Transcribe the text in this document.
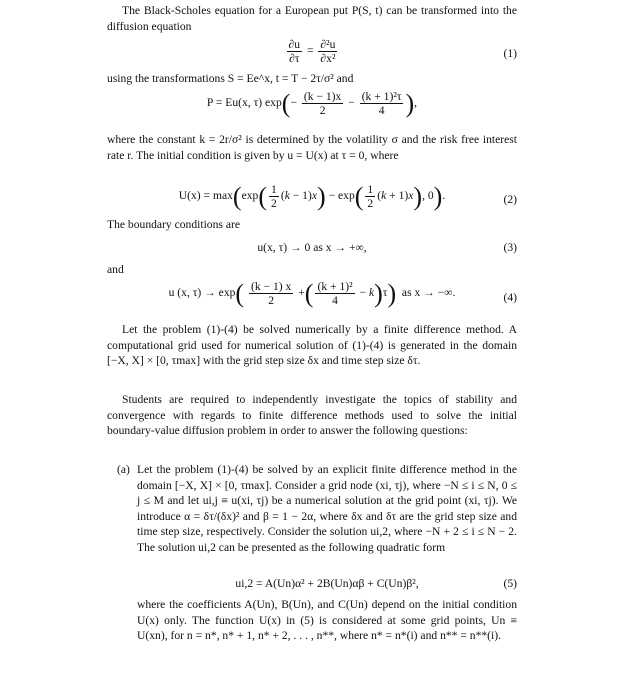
The Black-Scholes equation for a European put P(S, t) can be transformed into the diffusion equation

$\frac{\partial u}{\partial\tau} = \frac{\text{∂²u}}{\text{∂x²}}$	(1)

using the transformations S = Ee^x, t = T − 2τ/σ² and

P = Eu(x, τ) $\exp(- \frac{(k - 1)x}{2} - \frac{\text{(k + 1)²τ}}{4}$ ),

where the constant k = 2r/σ² is determined by the volatility σ and the risk free interest rate r. The initial condition is given by u = U(x) at τ = 0, where

$U(x) = \max(\exp( \frac{1}{2} (k - 1)x) - \exp( \frac{1}{2} (k + 1)x)$, 0).	(2)

The boundary conditions are

u(x, τ) → 0 as x → +∞,	(3)

and

u (x, $\tau) \to \exp( \frac{(k - 1) x}{2}$ +( $\frac{\text{(k + 1)²}}{4} - k)\tau$) as x → −∞.	(4)

Let the problem (1)-(4) be solved numerically by a finite difference method. A computational grid used for numerical solution of (1)-(4) is generated in the domain [−X, X] × [0, τmax] with the grid step size δx and time step size δτ.

Students are required to independently investigate the topics of stability and convergence with regards to finite difference methods used to solve the initial boundary-value diffusion problem in order to answer the following questions:

(a) Let the problem (1)-(4) be solved by an explicit finite difference method in the domain [−X, X] × [0, τmax]. Consider a grid node (xi, τj), where −N ≤ i ≤ N, 0 ≤ j ≤ M and let ui,j ≡ u(xi, τj) be a numerical solution at the grid point (xi, τj). We introduce α = δτ/(δx)² and β = 1 − 2α, where δx and δτ are the grid step size and time step size, respectively. Consider the solution ui,2, where −N + 2 ≤ i ≤ N − 2. The solution ui,2 can be presented as the following quadratic form
ui,2 = A(Un)α² + 2B(Un)αβ + C(Un)β²,	(5)

where the coefficients A(Un), B(Un), and C(Un) depend on the initial condition U(x) only. The function U(x) in (5) is considered at some grid points, Un ≡ U(xn), for n = n*, n* + 1, n* + 2, . . . , n**, where n* = n*(i) and n** = n**(i).
